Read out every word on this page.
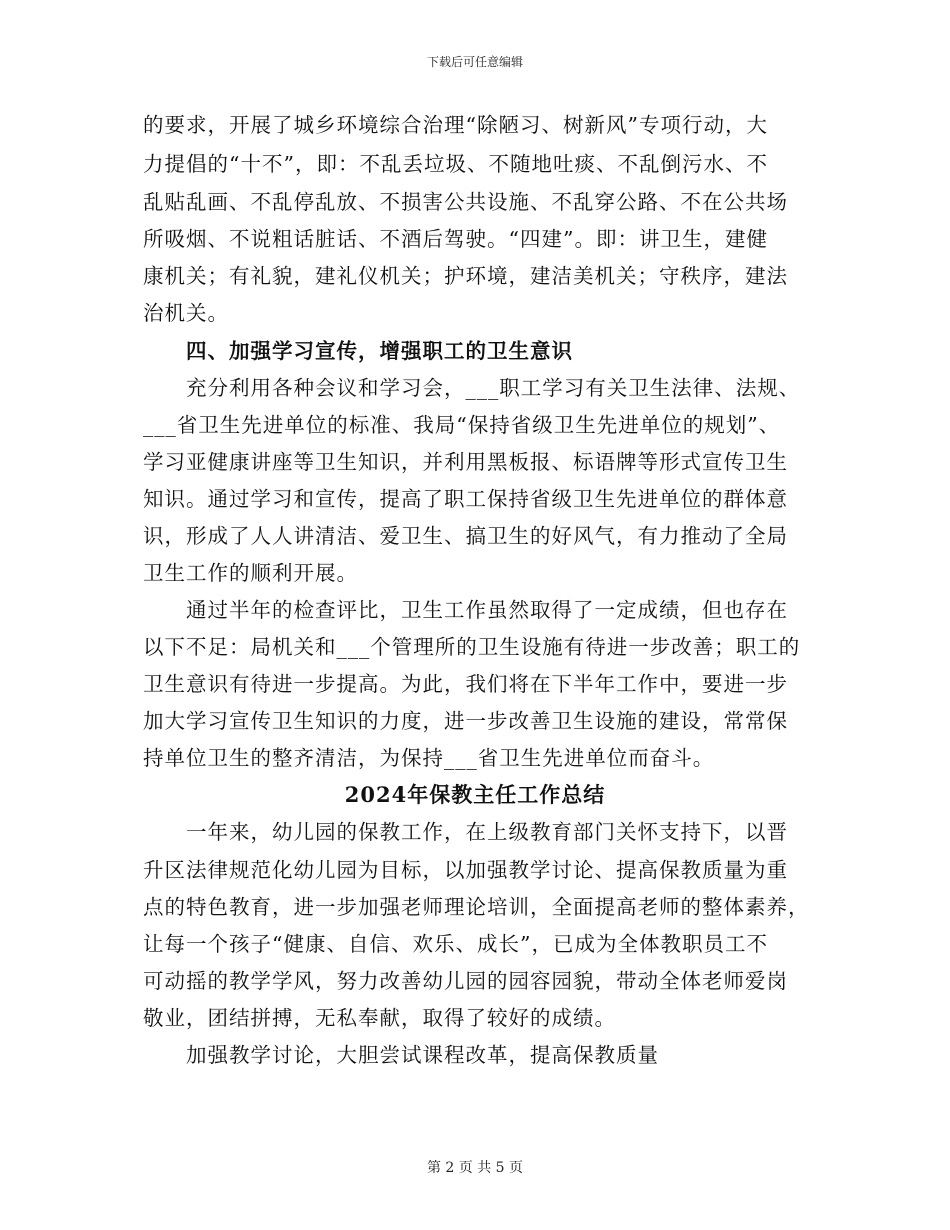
下载后可任意编辑
的要求，开展了城乡环境综合治理“除陋习、树新风”专项行动，大
力提倡的“十不”，即：不乱丢垃圾、不随地吐痰、不乱倒污水、不
乱贴乱画、不乱停乱放、不损害公共设施、不乱穿公路、不在公共场
所吸烟、不说粗话脏话、不酒后驾驶。“四建”。即：讲卫生，建健
康机关；有礼貌，建礼仪机关；护环境，建洁美机关；守秩序，建法
治机关。
四、加强学习宣传，增强职工的卫生意识
充分利用各种会议和学习会，___职工学习有关卫生法律、法规、
___省卫生先进单位的标准、我局“保持省级卫生先进单位的规划”、
学习亚健康讲座等卫生知识，并利用黑板报、标语牌等形式宣传卫生
知识。通过学习和宣传，提高了职工保持省级卫生先进单位的群体意
识，形成了人人讲清洁、爱卫生、搞卫生的好风气，有力推动了全局
卫生工作的顺利开展。
通过半年的检查评比，卫生工作虽然取得了一定成绩，但也存在
以下不足：局机关和___个管理所的卫生设施有待进一步改善；职工的
卫生意识有待进一步提高。为此，我们将在下半年工作中，要进一步
加大学习宣传卫生知识的力度，进一步改善卫生设施的建设，常常保
持单位卫生的整齐清洁，为保持___省卫生先进单位而奋斗。
2024年保教主任工作总结
一年来，幼儿园的保教工作，在上级教育部门关怀支持下，以晋
升区法律规范化幼儿园为目标，以加强教学讨论、提高保教质量为重
点的特色教育，进一步加强老师理论培训，全面提高老师的整体素养，
让每一个孩子“健康、自信、欢乐、成长”，已成为全体教职员工不
可动摇的教学学风，努力改善幼儿园的园容园貌，带动全体老师爱岗
敬业，团结拼搏，无私奉献，取得了较好的成绩。
加强教学讨论，大胆尝试课程改革，提高保教质量
第 2 页 共 5 页
